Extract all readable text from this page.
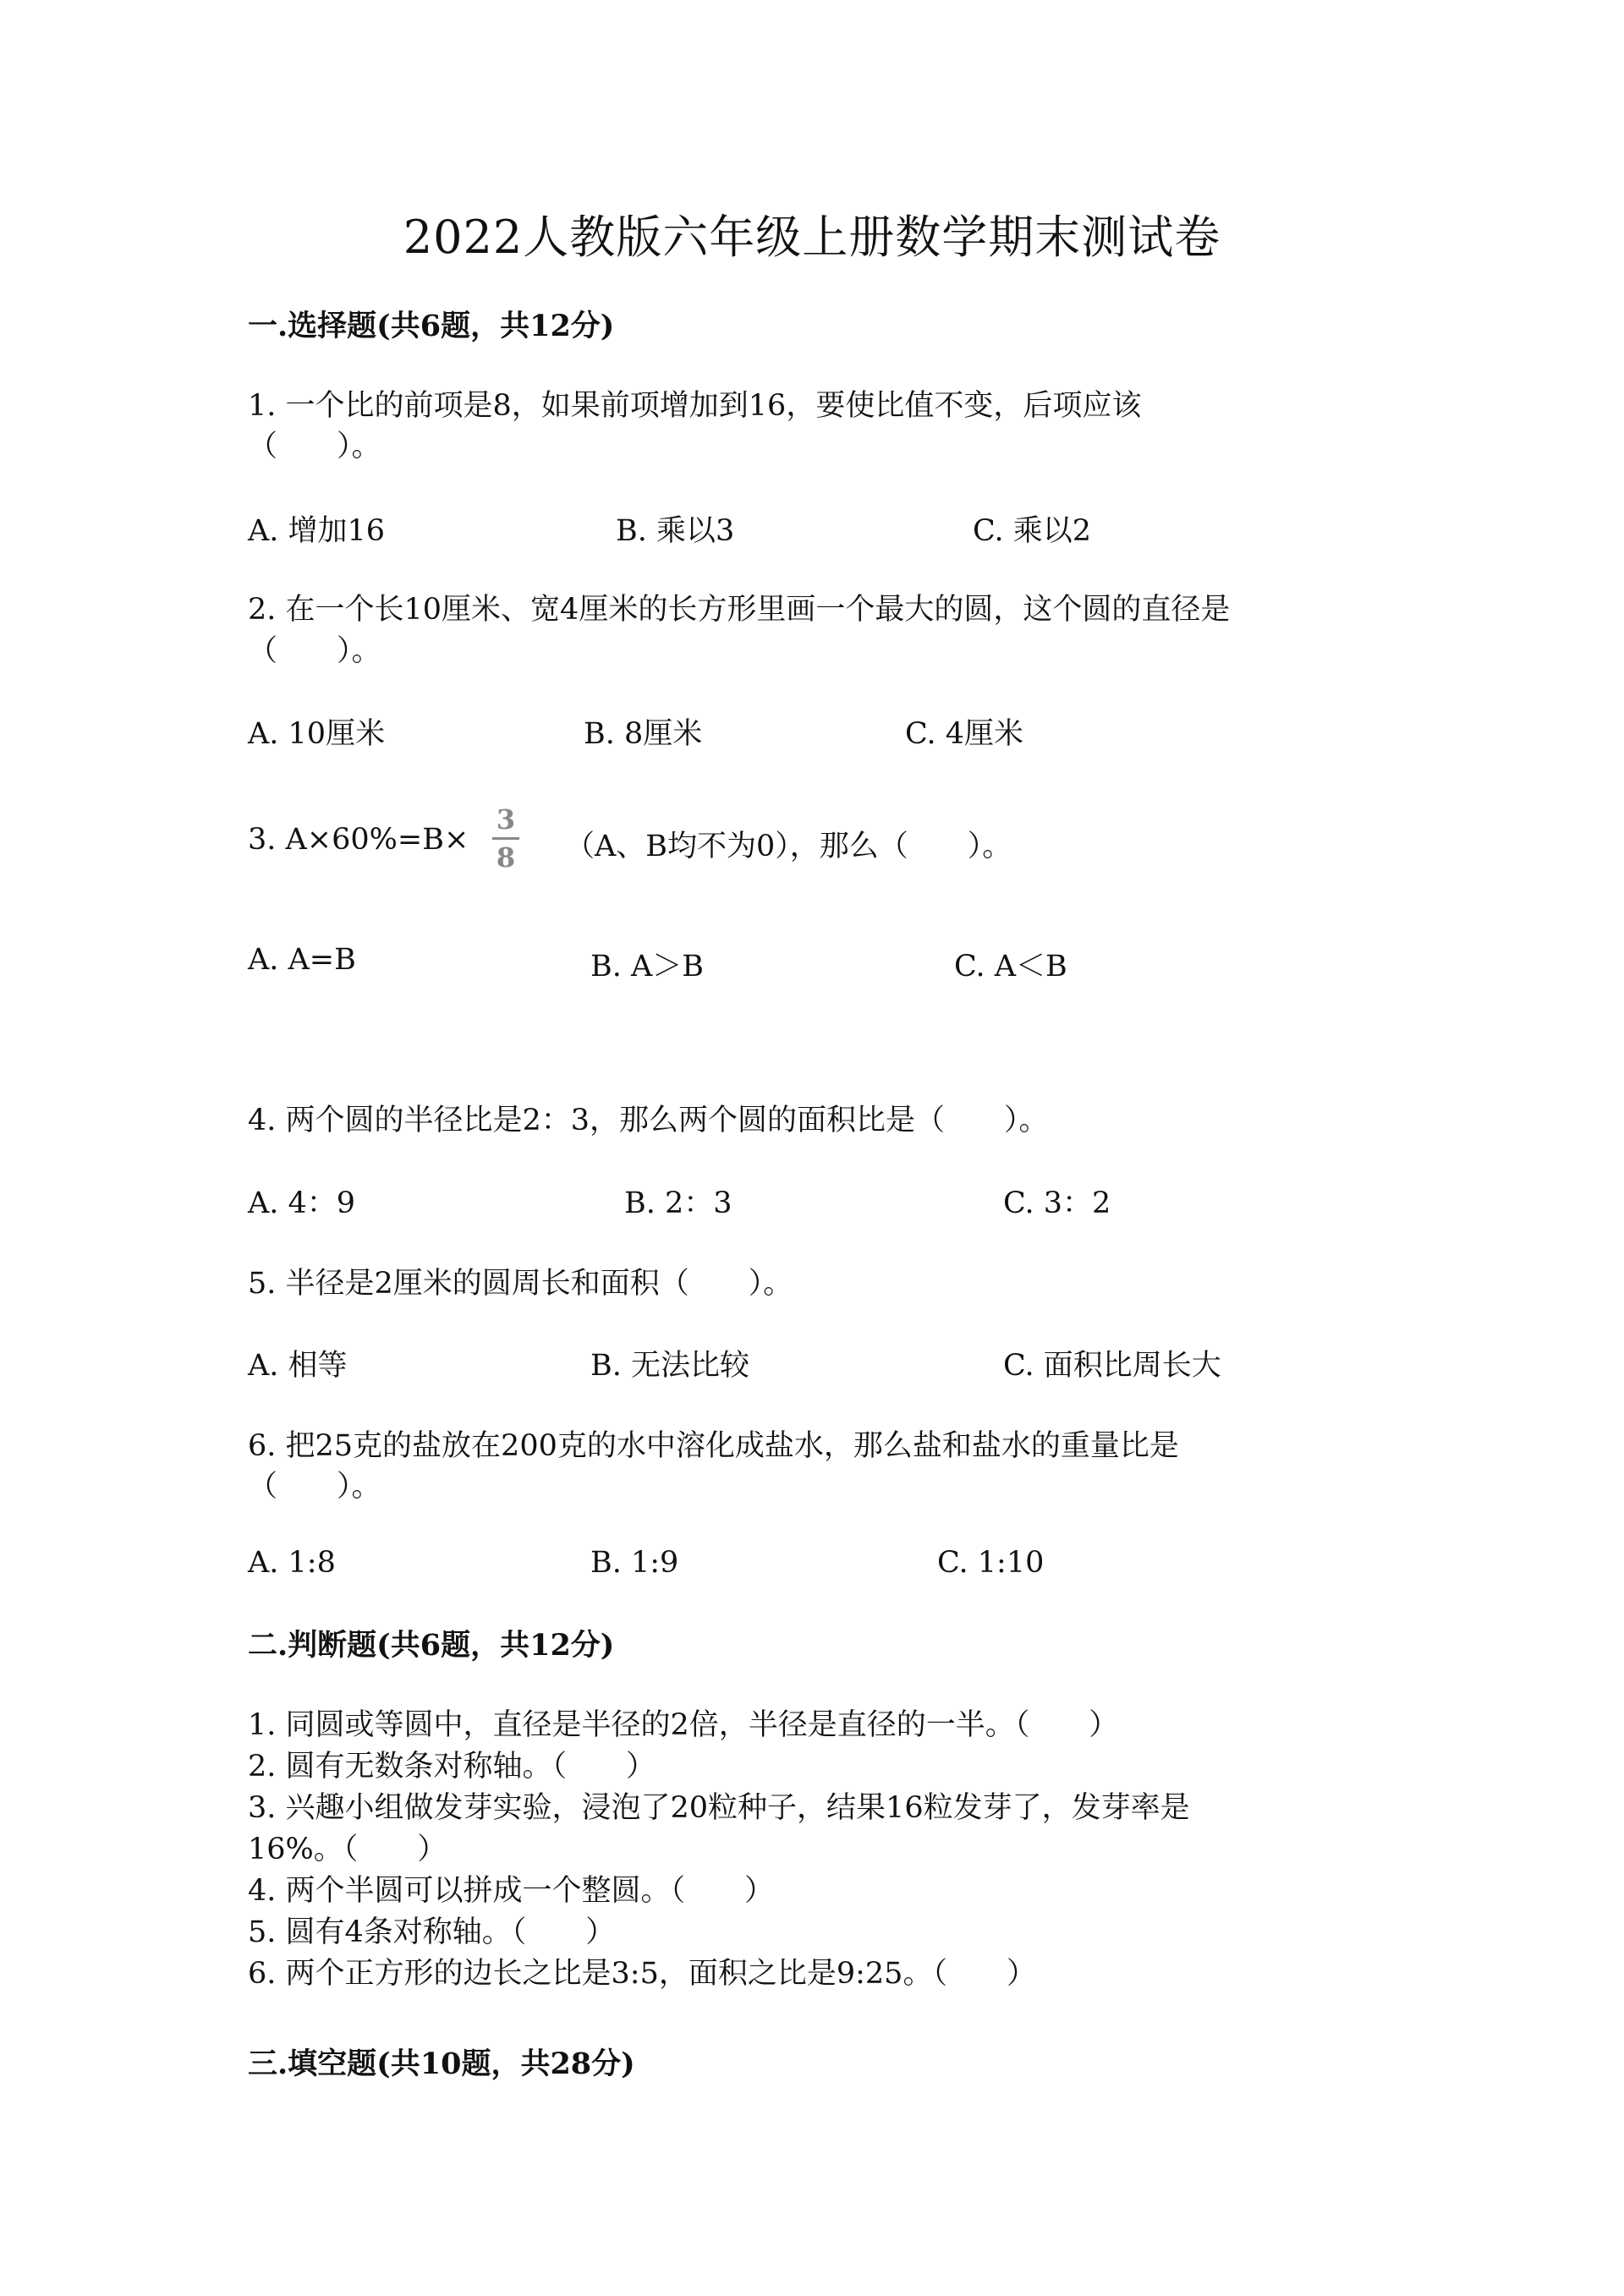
2022人教版六年级上册数学期末测试卷
一.选择题(共6题，共12分)
1. 一个比的前项是8，如果前项增加到16，要使比值不变，后项应该
（　　）。
A. 增加16	B. 乘以3	C. 乘以2
2. 在一个长10厘米、宽4厘米的长方形里画一个最大的圆，这个圆的直径是
（　　）。
A. 10厘米	B. 8厘米	C. 4厘米
3. A×60%=B×
3
8 （A、B均不为0），那么（　　）。
A. A=B	B. A＞B	C. A＜B
4. 两个圆的半径比是2：3，那么两个圆的面积比是（　　）。
A. 4：9	B. 2：3	C. 3：2
5. 半径是2厘米的圆周长和面积（　　）。
A. 相等	B. 无法比较	C. 面积比周长大
6. 把25克的盐放在200克的水中溶化成盐水，那么盐和盐水的重量比是
（　　）。
A. 1:8	B. 1:9	C. 1:10
二.判断题(共6题，共12分)
1. 同圆或等圆中，直径是半径的2倍，半径是直径的一半。（　　）
2. 圆有无数条对称轴。（　　）
3. 兴趣小组做发芽实验，浸泡了20粒种子，结果16粒发芽了，发芽率是
16%。（　　）
4. 两个半圆可以拼成一个整圆。（　　）
5. 圆有4条对称轴。（　　）
6. 两个正方形的边长之比是3:5，面积之比是9:25。（　　）
三.填空题(共10题，共28分)
